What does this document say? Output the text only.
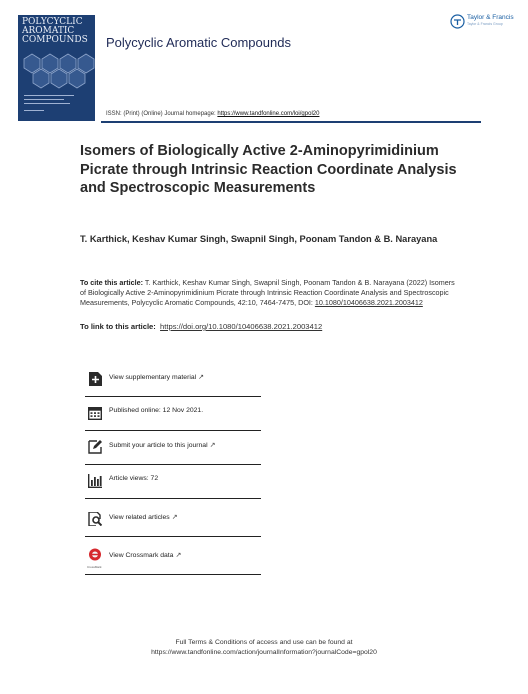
POLYCYCLIC
AROMATIC
COMPOUNDS	Polycyclic Aromatic Compounds
Taylor & Francis
Taylor & Francis Group
ISSN: (Print) (Online) Journal homepage: https://www.tandfonline.com/loi/gpol20
Isomers of Biologically Active 2-Aminopyrimidinium Picrate through Intrinsic Reaction Coordinate Analysis and Spectroscopic Measurements
T. Karthick, Keshav Kumar Singh, Swapnil Singh, Poonam Tandon & B. Narayana
To cite this article: T. Karthick, Keshav Kumar Singh, Swapnil Singh, Poonam Tandon & B. Narayana (2022) Isomers of Biologically Active 2-Aminopyrimidinium Picrate through Intrinsic Reaction Coordinate Analysis and Spectroscopic Measurements, Polycyclic Aromatic Compounds, 42:10, 7464-7475, DOI: 10.1080/10406638.2021.2003412
To link to this article: https://doi.org/10.1080/10406638.2021.2003412
View supplementary material ↗
Published online: 12 Nov 2021.
Submit your article to this journal ↗
Article views: 72
View related articles ↗
CrossMark
View Crossmark data ↗
Full Terms & Conditions of access and use can be found at
https://www.tandfonline.com/action/journalInformation?journalCode=gpol20
